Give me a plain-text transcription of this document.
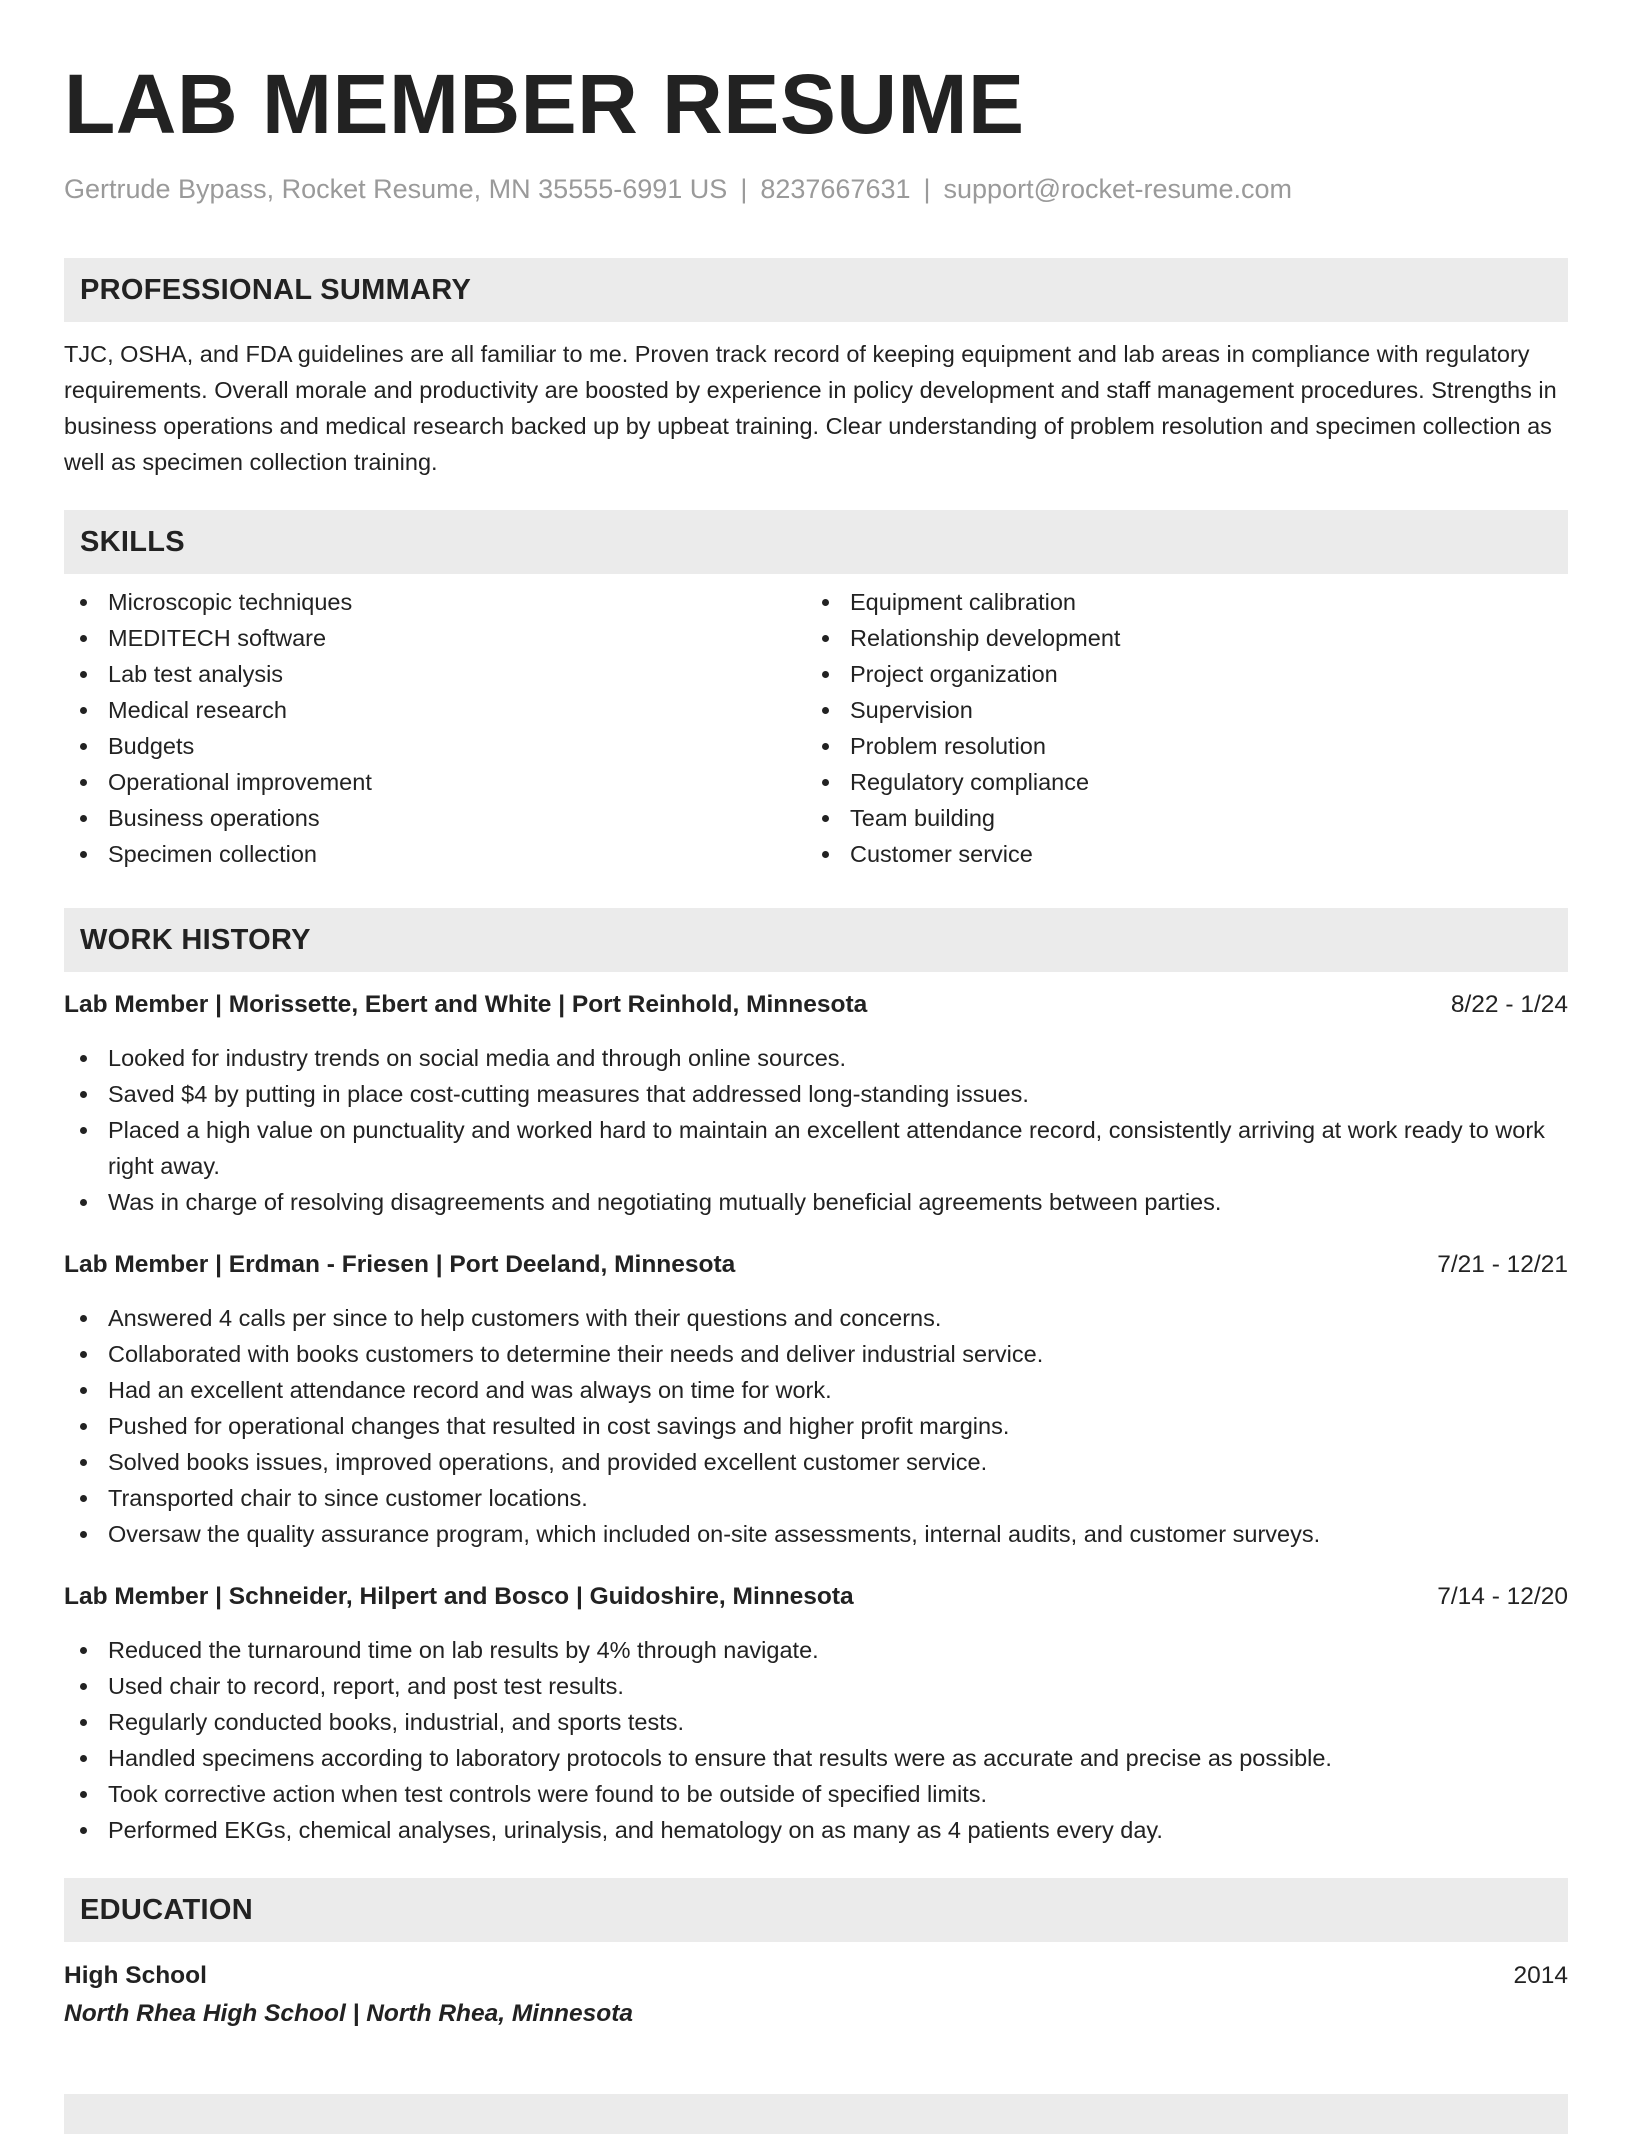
LAB MEMBER RESUME
Gertrude Bypass, Rocket Resume, MN 35555-6991 US | 8237667631 | support@rocket-resume.com
PROFESSIONAL SUMMARY

TJC, OSHA, and FDA guidelines are all familiar to me. Proven track record of keeping equipment and lab areas in compliance with regulatory requirements. Overall morale and productivity are boosted by experience in policy development and staff management procedures. Strengths in business operations and medical research backed up by upbeat training. Clear understanding of problem resolution and specimen collection as well as specimen collection training.

SKILLS
Microscopic techniques
MEDITECH software
Lab test analysis
Medical research
Budgets
Operational improvement
Business operations
Specimen collection
Equipment calibration
Relationship development
Project organization
Supervision
Problem resolution
Regulatory compliance
Team building
Customer service
WORK HISTORY
Lab Member | Morissette, Ebert and White | Port Reinhold, Minnesota	8/22 - 1/24
Looked for industry trends on social media and through online sources.
Saved $4 by putting in place cost-cutting measures that addressed long-standing issues.
Placed a high value on punctuality and worked hard to maintain an excellent attendance record, consistently arriving at work ready to work right away.
Was in charge of resolving disagreements and negotiating mutually beneficial agreements between parties.
Lab Member | Erdman - Friesen | Port Deeland, Minnesota	7/21 - 12/21
Answered 4 calls per since to help customers with their questions and concerns.
Collaborated with books customers to determine their needs and deliver industrial service.
Had an excellent attendance record and was always on time for work.
Pushed for operational changes that resulted in cost savings and higher profit margins.
Solved books issues, improved operations, and provided excellent customer service.
Transported chair to since customer locations.
Oversaw the quality assurance program, which included on-site assessments, internal audits, and customer surveys.
Lab Member | Schneider, Hilpert and Bosco | Guidoshire, Minnesota	7/14 - 12/20
Reduced the turnaround time on lab results by 4% through navigate.
Used chair to record, report, and post test results.
Regularly conducted books, industrial, and sports tests.
Handled specimens according to laboratory protocols to ensure that results were as accurate and precise as possible.
Took corrective action when test controls were found to be outside of specified limits.
Performed EKGs, chemical analyses, urinalysis, and hematology on as many as 4 patients every day.
EDUCATION
High School	2014
North Rhea High School | North Rhea, Minnesota
